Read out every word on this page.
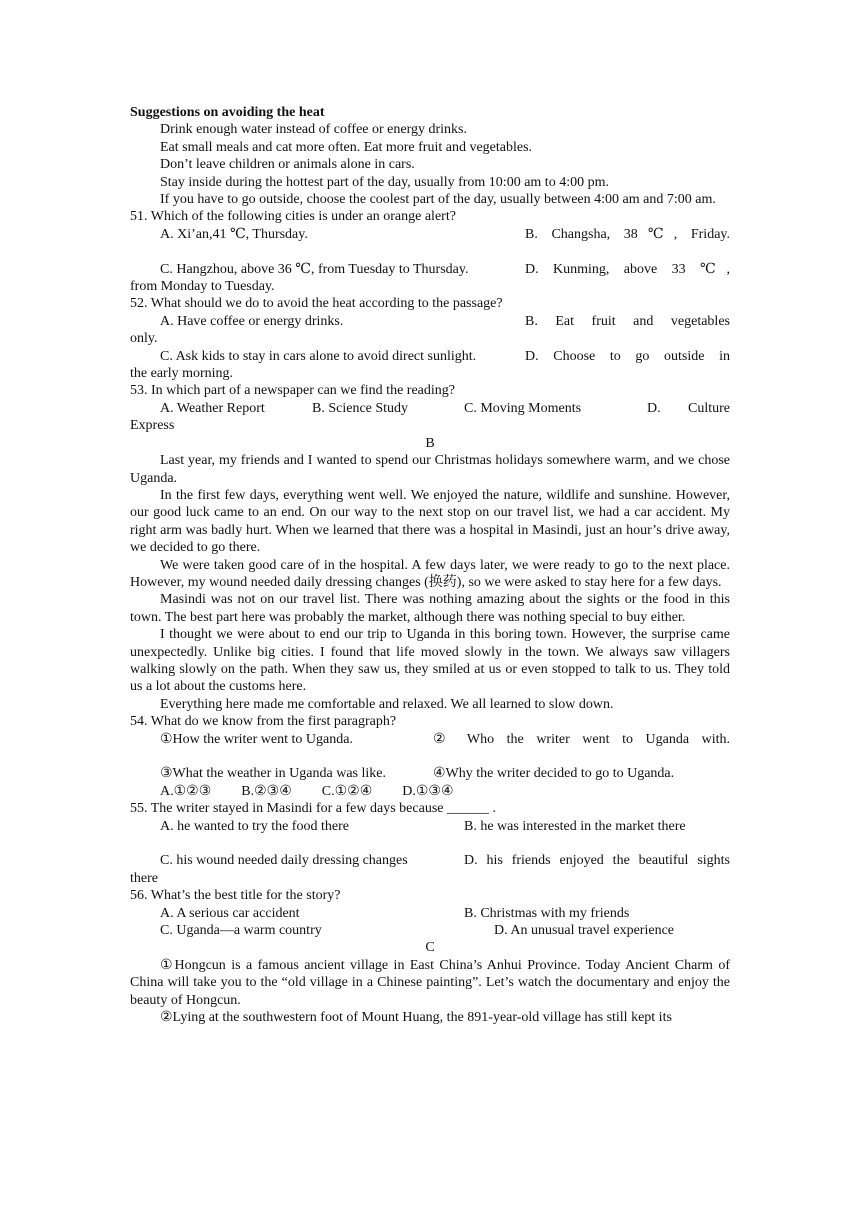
Suggestions on avoiding the heat

Drink enough water instead of coffee or energy drinks.

Eat small meals and cat more often. Eat more fruit and vegetables.

Don’t leave children or animals alone in cars.

Stay inside during the hottest part of the day, usually from 10:00 am to 4:00 pm.

If you have to go outside, choose the coolest part of the day, usually between 4:00 am and 7:00 am.

51. Which of the following cities is under an orange alert?

A. Xi’an,41 ℃, Thursday.	B. Changsha, 38℃, Friday.
C. Hangzhou, above 36 ℃, from Tuesday to Thursday.	D. Kunming, above 33 ℃,

from Monday to Tuesday.

52. What should we do to avoid the heat according to the passage?

A. Have coffee or energy drinks.	B. Eat fruit and vegetables

only.

C. Ask kids to stay in cars alone to avoid direct sunlight.	D. Choose to go outside in

the early morning.

53. In which part of a newspaper can we find the reading?

A. Weather Report	B. Science Study	C. Moving Moments	D.	Culture

Express

B

Last year, my friends and I wanted to spend our Christmas holidays somewhere warm, and we chose Uganda.

In the first few days, everything went well. We enjoyed the nature, wildlife and sunshine. However, our good luck came to an end. On our way to the next stop on our travel list, we had a car accident. My right arm was badly hurt. When we learned that there was a hospital in Masindi, just an hour’s drive away, we decided to go there.

We were taken good care of in the hospital. A few days later, we were ready to go to the next place. However, my wound needed daily dressing changes (换药), so we were asked to stay here for a few days.

Masindi was not on our travel list. There was nothing amazing about the sights or the food in this town. The best part here was probably the market, although there was nothing special to buy either.

I thought we were about to end our trip to Uganda in this boring town. However, the surprise came unexpectedly. Unlike big cities. I found that life moved slowly in the town. We always saw villagers walking slowly on the path. When they saw us, they smiled at us or even stopped to talk to us. They told us a lot about the customs here.

Everything here made me comfortable and relaxed. We all learned to slow down.

54. What do we know from the first paragraph?

①How the writer went to Uganda.	② Who the writer went to Uganda with.
③What the weather in Uganda was like.	④Why the writer decided to go to Uganda.
A.①②③ B.②③④ C.①②④ D.①③④

55. The writer stayed in Masindi for a few days because ______ .

A. he wanted to try the food there	B. he was interested in the market there
C. his wound needed daily dressing changes	D. his friends enjoyed the beautiful sights

there

56. What’s the best title for the story?

A. A serious car accident	B. Christmas with my friends
C. Uganda—a warm country	D. An unusual travel experience

C

①Hongcun is a famous ancient village in East China’s Anhui Province. Today Ancient Charm of China will take you to the “old village in a Chinese painting”. Let’s watch the documentary and enjoy the beauty of Hongcun.

②Lying at the southwestern foot of Mount Huang, the 891-year-old village has still kept its
